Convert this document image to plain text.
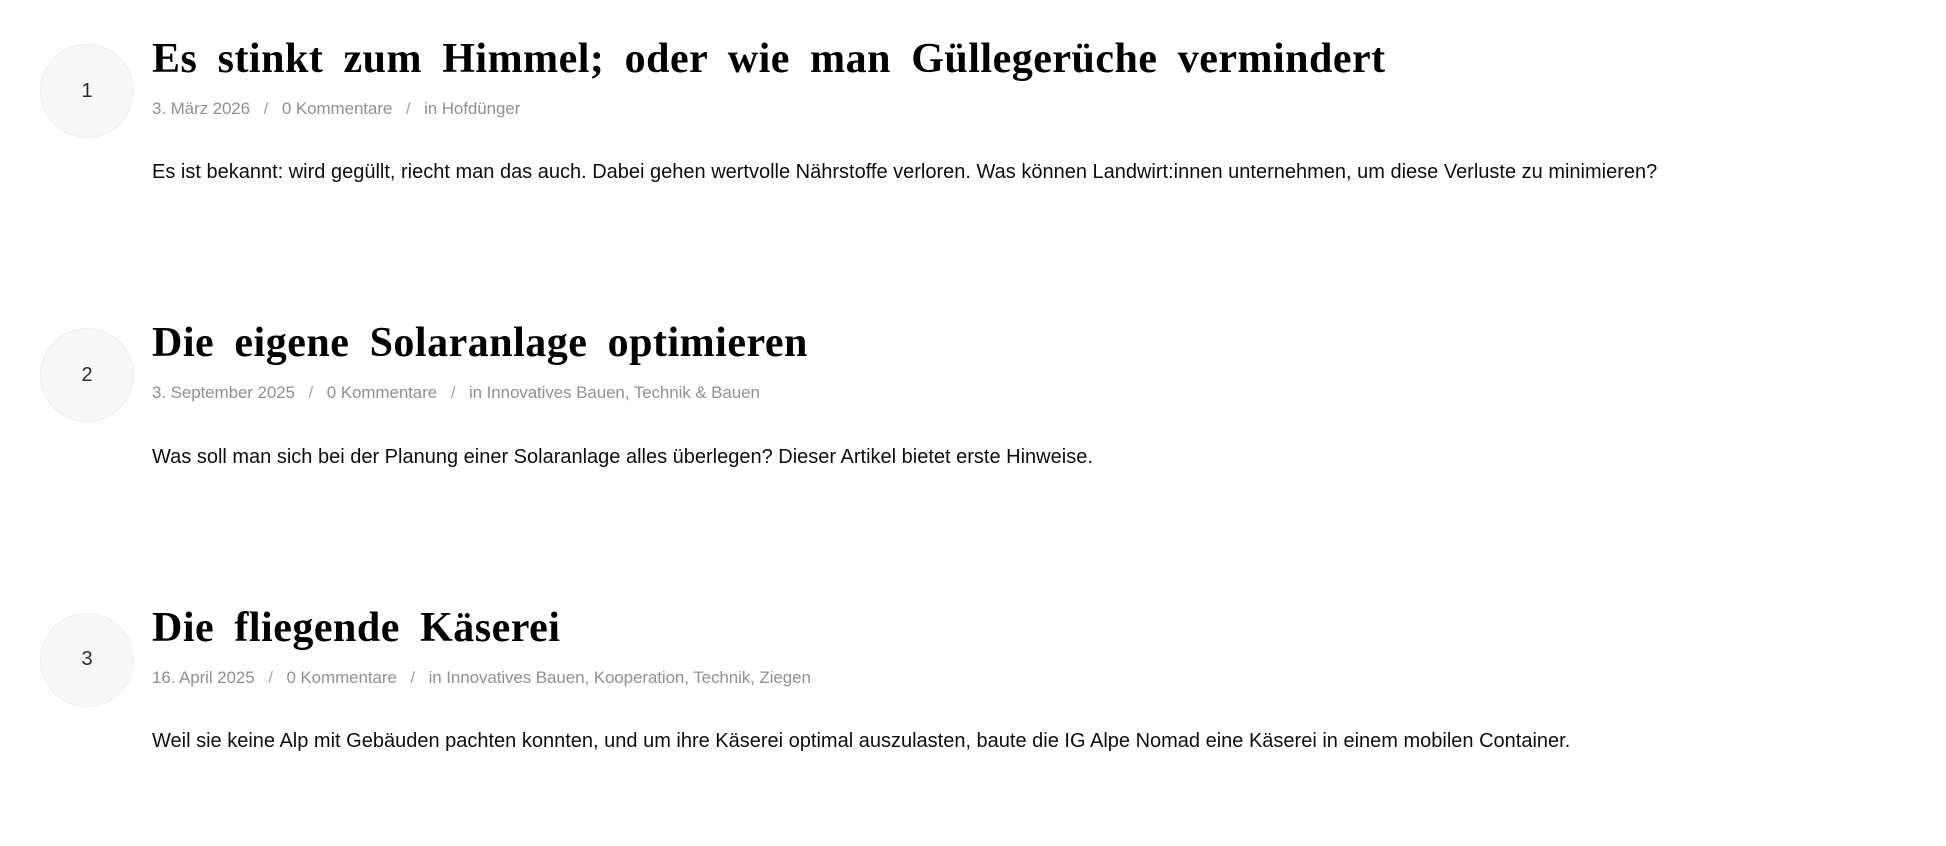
1
Es stinkt zum Himmel; oder wie man Güllegerüche vermindert
3. März 2026 / 0 Kommentare / in Hofdünger

Es ist bekannt: wird gegüllt, riecht man das auch. Dabei gehen wertvolle Nährstoffe verloren. Was können Landwirt:innen unternehmen, um diese Verluste zu minimieren?

2
Die eigene Solaranlage optimieren
3. September 2025 / 0 Kommentare / in Innovatives Bauen, Technik & Bauen

Was soll man sich bei der Planung einer Solaranlage alles überlegen? Dieser Artikel bietet erste Hinweise.

3
Die fliegende Käserei
16. April 2025 / 0 Kommentare / in Innovatives Bauen, Kooperation, Technik, Ziegen

Weil sie keine Alp mit Gebäuden pachten konnten, und um ihre Käserei optimal auszulasten, baute die IG Alpe Nomad eine Käserei in einem mobilen Container.
